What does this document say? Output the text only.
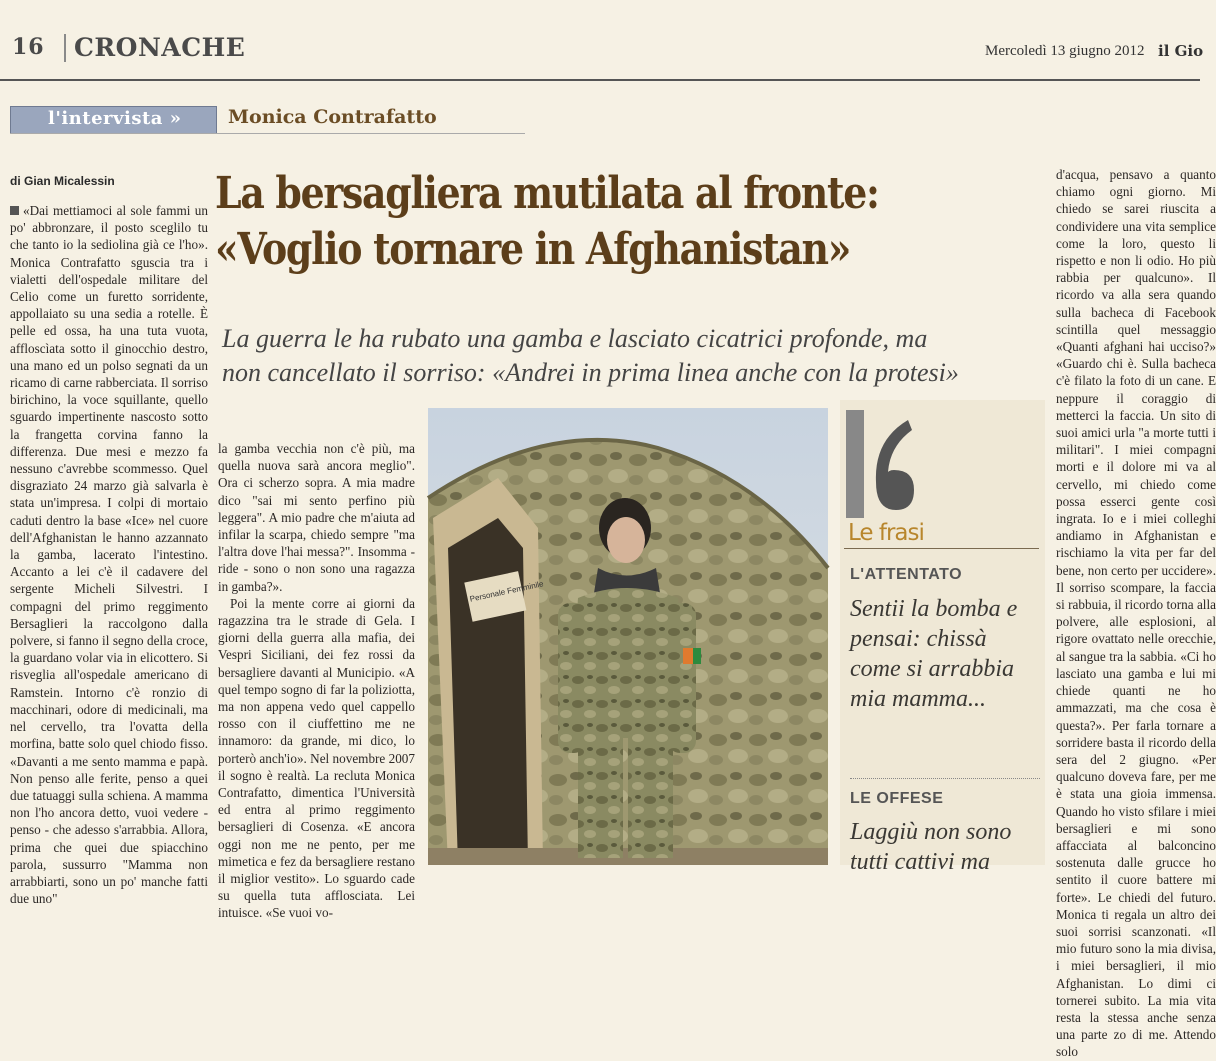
16 CRONACHE	Mercoledì 13 giugno 2012 il Gio
l'intervista » Monica Contrafatto
di Gian Micalessin
«Dai mettiamoci al sole fammi un po' abbronzare, il posto sceglilo tu che tanto io la sediolina già ce l'ho». Monica Contrafatto sguscia tra i vialetti dell'ospedale militare del Celio come un furetto sorridente, appollaiato su una sedia a rotelle. È pelle ed ossa, ha una tuta vuota, affloscìata sotto il ginocchio destro, una mano ed un polso segnati da un ricamo di carne rabberciata. Il sorriso birichino, la voce squillante, quello sguardo impertinente nascosto sotto la frangetta corvina fanno la differenza. Due mesi e mezzo fa nessuno c'avrebbe scommesso. Quel disgraziato 24 marzo già salvarla è stata un'impresa. I colpi di mortaio caduti dentro la base «Ice» nel cuore dell'Afghanistan le hanno azzannato la gamba, lacerato l'intestino. Accanto a lei c'è il cadavere del sergente Micheli Silvestri. I compagni del primo reggimento Bersaglieri la raccolgono dalla polvere, si fanno il segno della croce, la guardano volar via in elicottero. Si risveglia all'ospedale americano di Ramstein. Intorno c'è ronzio di macchinari, odore di medicinali, ma nel cervello, tra l'ovatta della morfina, batte solo quel chiodo fisso. «Davanti a me sento mamma e papà. Non penso alle ferite, penso a quei due tatuaggi sulla schiena. A mamma non l'ho ancora detto, vuoi vedere - penso - che adesso s'arrabbia. Allora, prima che quei due spiacchino parola, sussurro "Mamma non arrabbiarti, sono un po' manche fatti due uno"
La bersagliera mutilata al fronte:
«Voglio tornare in Afghanistan»
La guerra le ha rubato una gamba e lasciato cicatrici profonde, ma
non cancellato il sorriso: «Andrei in prima linea anche con la protesi»
la gamba vecchia non c'è più, ma quella nuova sarà ancora meglio". Ora ci scherzo sopra. A mia madre dico "sai mi sento perfino più leggera". A mio padre che m'aiuta ad infilar la scarpa, chiedo sempre "ma l'altra dove l'hai messa?". Insomma - ride - sono o non sono una ragazza in gamba?».
Poi la mente corre ai giorni da ragazzina tra le strade di Gela. I giorni della guerra alla mafia, dei Vespri Siciliani, dei fez rossi da bersagliere davanti al Municipio. «A quel tempo sogno di far la poliziotta, ma non appena vedo quel cappello rosso con il ciuffettino me ne innamoro: da grande, mi dico, lo porterò anch'io». Nel novembre 2007 il sogno è realtà. La recluta Monica Contrafatto, dimentica l'Università ed entra al primo reggimento bersaglieri di Cosenza. «E ancora oggi non me ne pento, per me mimetica e fez da bersagliere restano il miglior vestito». Lo sguardo cade su quella tuta afflosciata. Lei intuisce. «Se vuoi vo-
Personale Femminile
Le frasi
L'ATTENTATO
Sentii la bomba e pensai: chissà come si arrabbia mia mamma...
LE OFFESE
Laggiù non sono tutti cattivi ma
d'acqua, pensavo a quanto chiamo ogni giorno. Mi chiedo se sarei riuscita a condividere una vita semplice come la loro, questo li rispetto e non li odio. Ho più rabbia per qualcuno». Il ricordo va alla sera quando sulla bacheca di Facebook scintilla quel messaggio «Quanti afghani hai ucciso?» «Guardo chi è. Sulla bacheca c'è filato la foto di un cane. E neppure il coraggio di metterci la faccia. Un sito di suoi amici urla "a morte tutti i militari". I miei compagni morti e il dolore mi va al cervello, mi chiedo come possa esserci gente così ingrata. Io e i miei colleghi andiamo in Afghanistan e rischiamo la vita per far del bene, non certo per uccidere». Il sorriso scompare, la faccia si rabbuia, il ricordo torna alla polvere, alle esplosioni, al rigore ovattato nelle orecchie, al sangue tra la sabbia. «Ci ho lasciato una gamba e lui mi chiede quanti ne ho ammazzati, ma che cosa è questa?». Per farla tornare a sorridere basta il ricordo della sera del 2 giugno. «Per qualcuno doveva fare, per me è stata una gioia immensa. Quando ho visto sfilare i miei bersaglieri e mi sono affacciata al balconcino sostenuta dalle grucce ho sentito il cuore battere mi forte». Le chiedi del futuro. Monica ti regala un altro dei suoi sorrisi scanzonati. «Il mio futuro sono la mia divisa, i miei bersaglieri, il mio Afghanistan. Lo dimi ci tornerei subito. La mia vita resta la stessa anche senza una parte zo di me. Attendo solo
